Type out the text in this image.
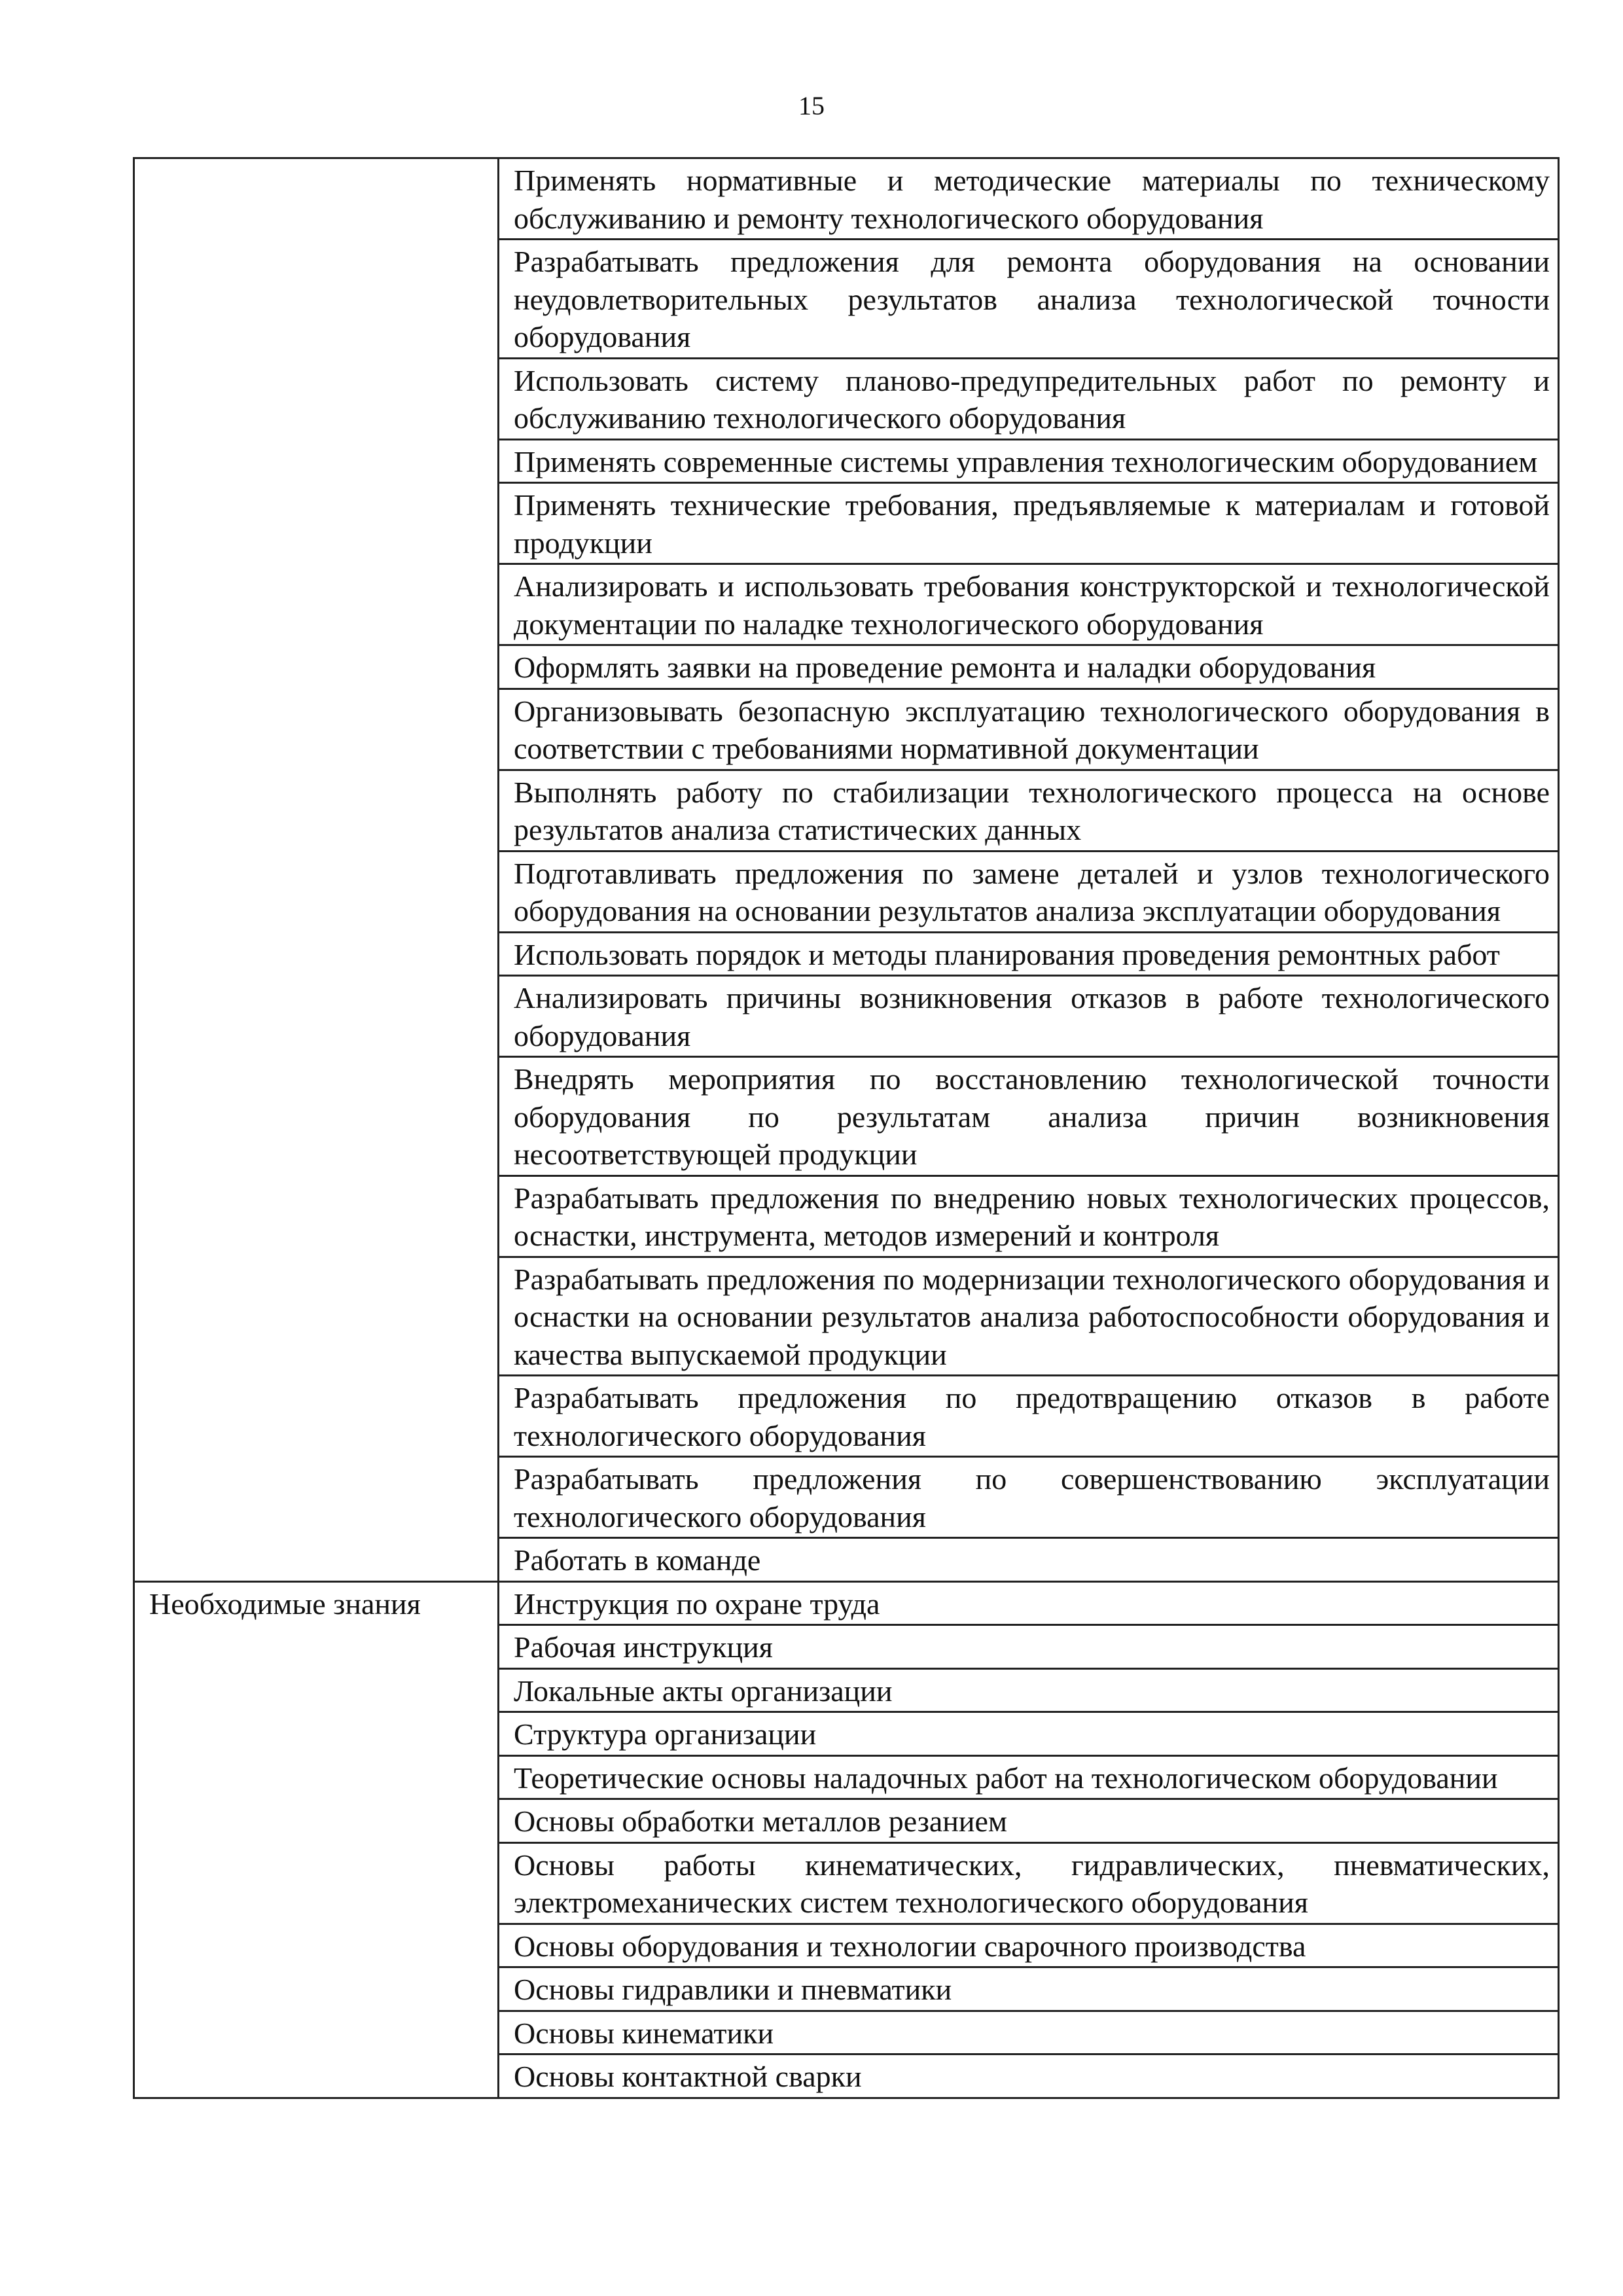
15
	Применять нормативные и методические материалы по техническому обслуживанию и ремонту технологического оборудования
	Разрабатывать предложения для ремонта оборудования на основании неудовлетворительных результатов анализа технологической точности оборудования
	Использовать систему планово-предупредительных работ по ремонту и обслуживанию технологического оборудования
	Применять современные системы управления технологическим оборудованием
	Применять технические требования, предъявляемые к материалам и готовой продукции
	Анализировать и использовать требования конструкторской и технологической документации по наладке технологического оборудования
	Оформлять заявки на проведение ремонта и наладки оборудования
	Организовывать безопасную эксплуатацию технологического оборудования в соответствии с требованиями нормативной документации
	Выполнять работу по стабилизации технологического процесса на основе результатов анализа статистических данных
	Подготавливать предложения по замене деталей и узлов технологического оборудования на основании результатов анализа эксплуатации оборудования
	Использовать порядок и методы планирования проведения ремонтных работ
	Анализировать причины возникновения отказов в работе технологического оборудования
	Внедрять мероприятия по восстановлению технологической точности оборудования по результатам анализа причин возникновения несоответствующей продукции
	Разрабатывать предложения по внедрению новых технологических процессов, оснастки, инструмента, методов измерений и контроля
	Разрабатывать предложения по модернизации технологического оборудования и оснастки на основании результатов анализа работоспособности оборудования и качества выпускаемой продукции
	Разрабатывать предложения по предотвращению отказов в работе технологического оборудования
	Разрабатывать предложения по совершенствованию эксплуатации технологического оборудования
	Работать в команде
Необходимые знания	Инструкция по охране труда
	Рабочая инструкция
	Локальные акты организации
	Структура организации
	Теоретические основы наладочных работ на технологическом оборудовании
	Основы обработки металлов резанием
	Основы работы кинематических, гидравлических, пневматических, электромеханических систем технологического оборудования
	Основы оборудования и технологии сварочного производства
	Основы гидравлики и пневматики
	Основы кинематики
	Основы контактной сварки
